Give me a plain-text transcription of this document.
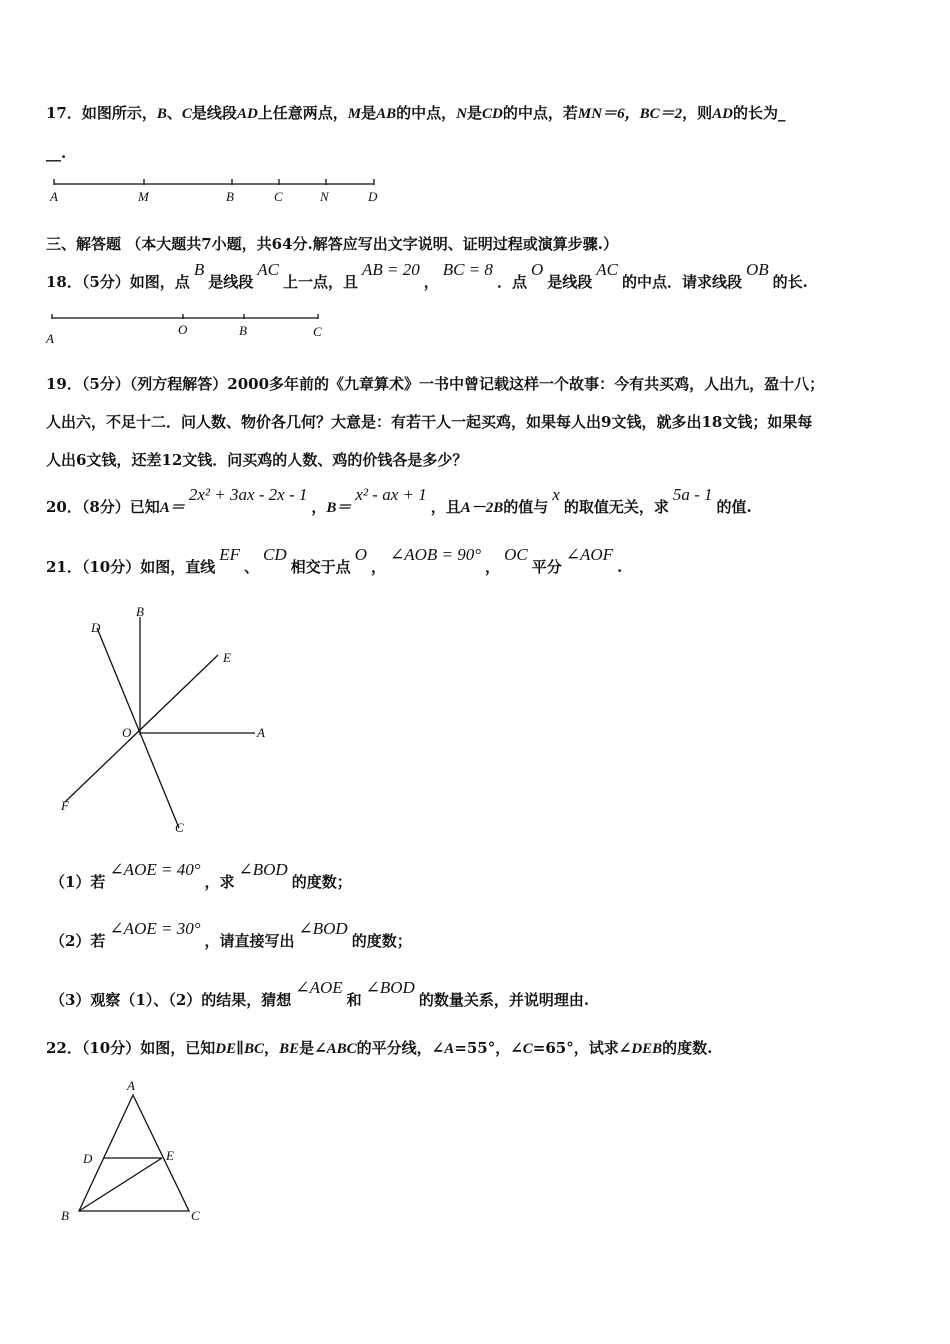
17．如图所示，B、C是线段AD上任意两点，M是AB的中点，N是CD的中点，若MN＝6，BC＝2，则AD的长为_
__.
A	M	B	C	N	D
三、解答题 （本大题共7小题，共64分.解答应写出文字说明、证明过程或演算步骤.）
18．（5分）如图，点B是线段AC上一点，且AB = 20，BC = 8．点O是线段AC的中点．请求线段OB的长.
A
O	B	C
19．（5分）（列方程解答）2000多年前的《九章算术》一书中曾记载这样一个故事：今有共买鸡，人出九，盈十八；
人出六，不足十二．问人数、物价各几何？大意是：有若干人一起买鸡，如果每人出9文钱，就多出18文钱；如果每
人出6文钱，还差12文钱．问买鸡的人数、鸡的价钱各是多少？
20．（8分）已知A＝2x² + 3ax - 2x - 1，B＝x² - ax + 1，且A－2B的值与x的取值无关，求5a - 1的值.
21．（10分）如图，直线EF、CD相交于点O，∠AOB = 90°，OC平分∠AOF.
D
B
E
O	A
F
C
（1）若∠AOE = 40°，求∠BOD的度数；
（2）若∠AOE = 30°，请直接写出∠BOD的度数；
（3）观察（1）、（2）的结果，猜想∠AOE和∠BOD的数量关系，并说明理由.
22．（10分）如图，已知DE∥BC，BE是∠ABC的平分线，∠A=55°，∠C=65°，试求∠DEB的度数.
A
D	E
B	C
